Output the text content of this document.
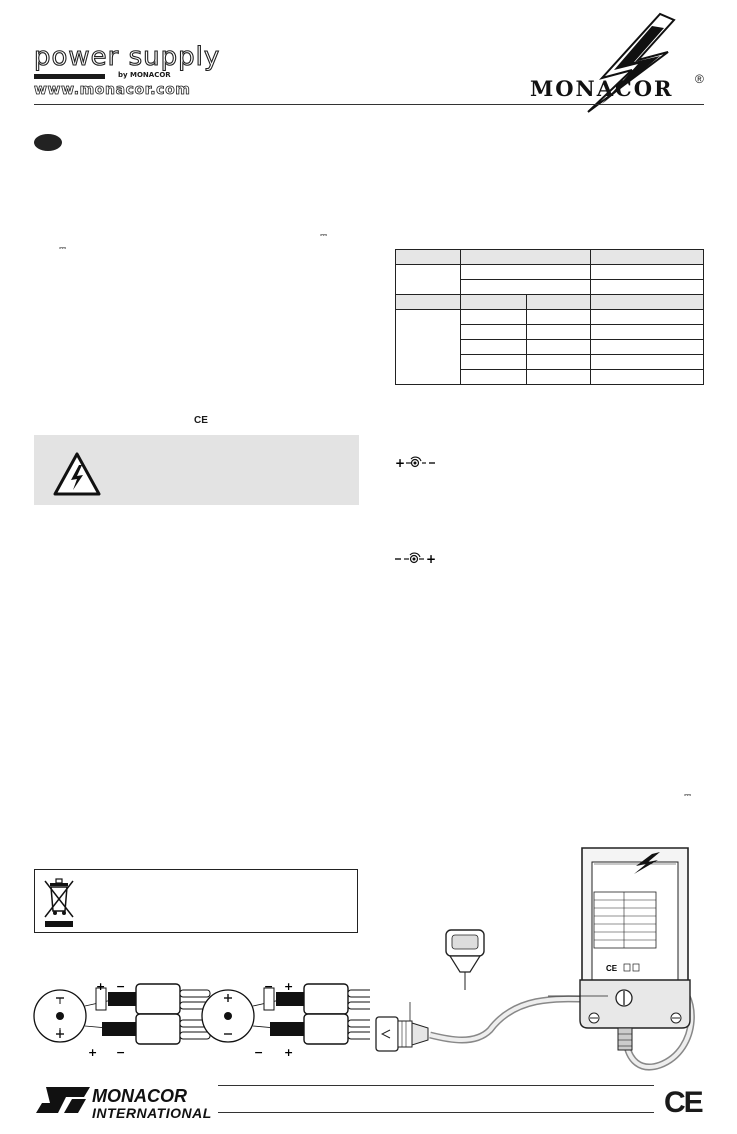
power supply
by MONACOR
www.monacor.com	MONACOR ®
⎓
⎓
CE

+
+
⎓
+ −
+ −
− +
− +
CE
MONACOR
INTERNATIONAL	CE
